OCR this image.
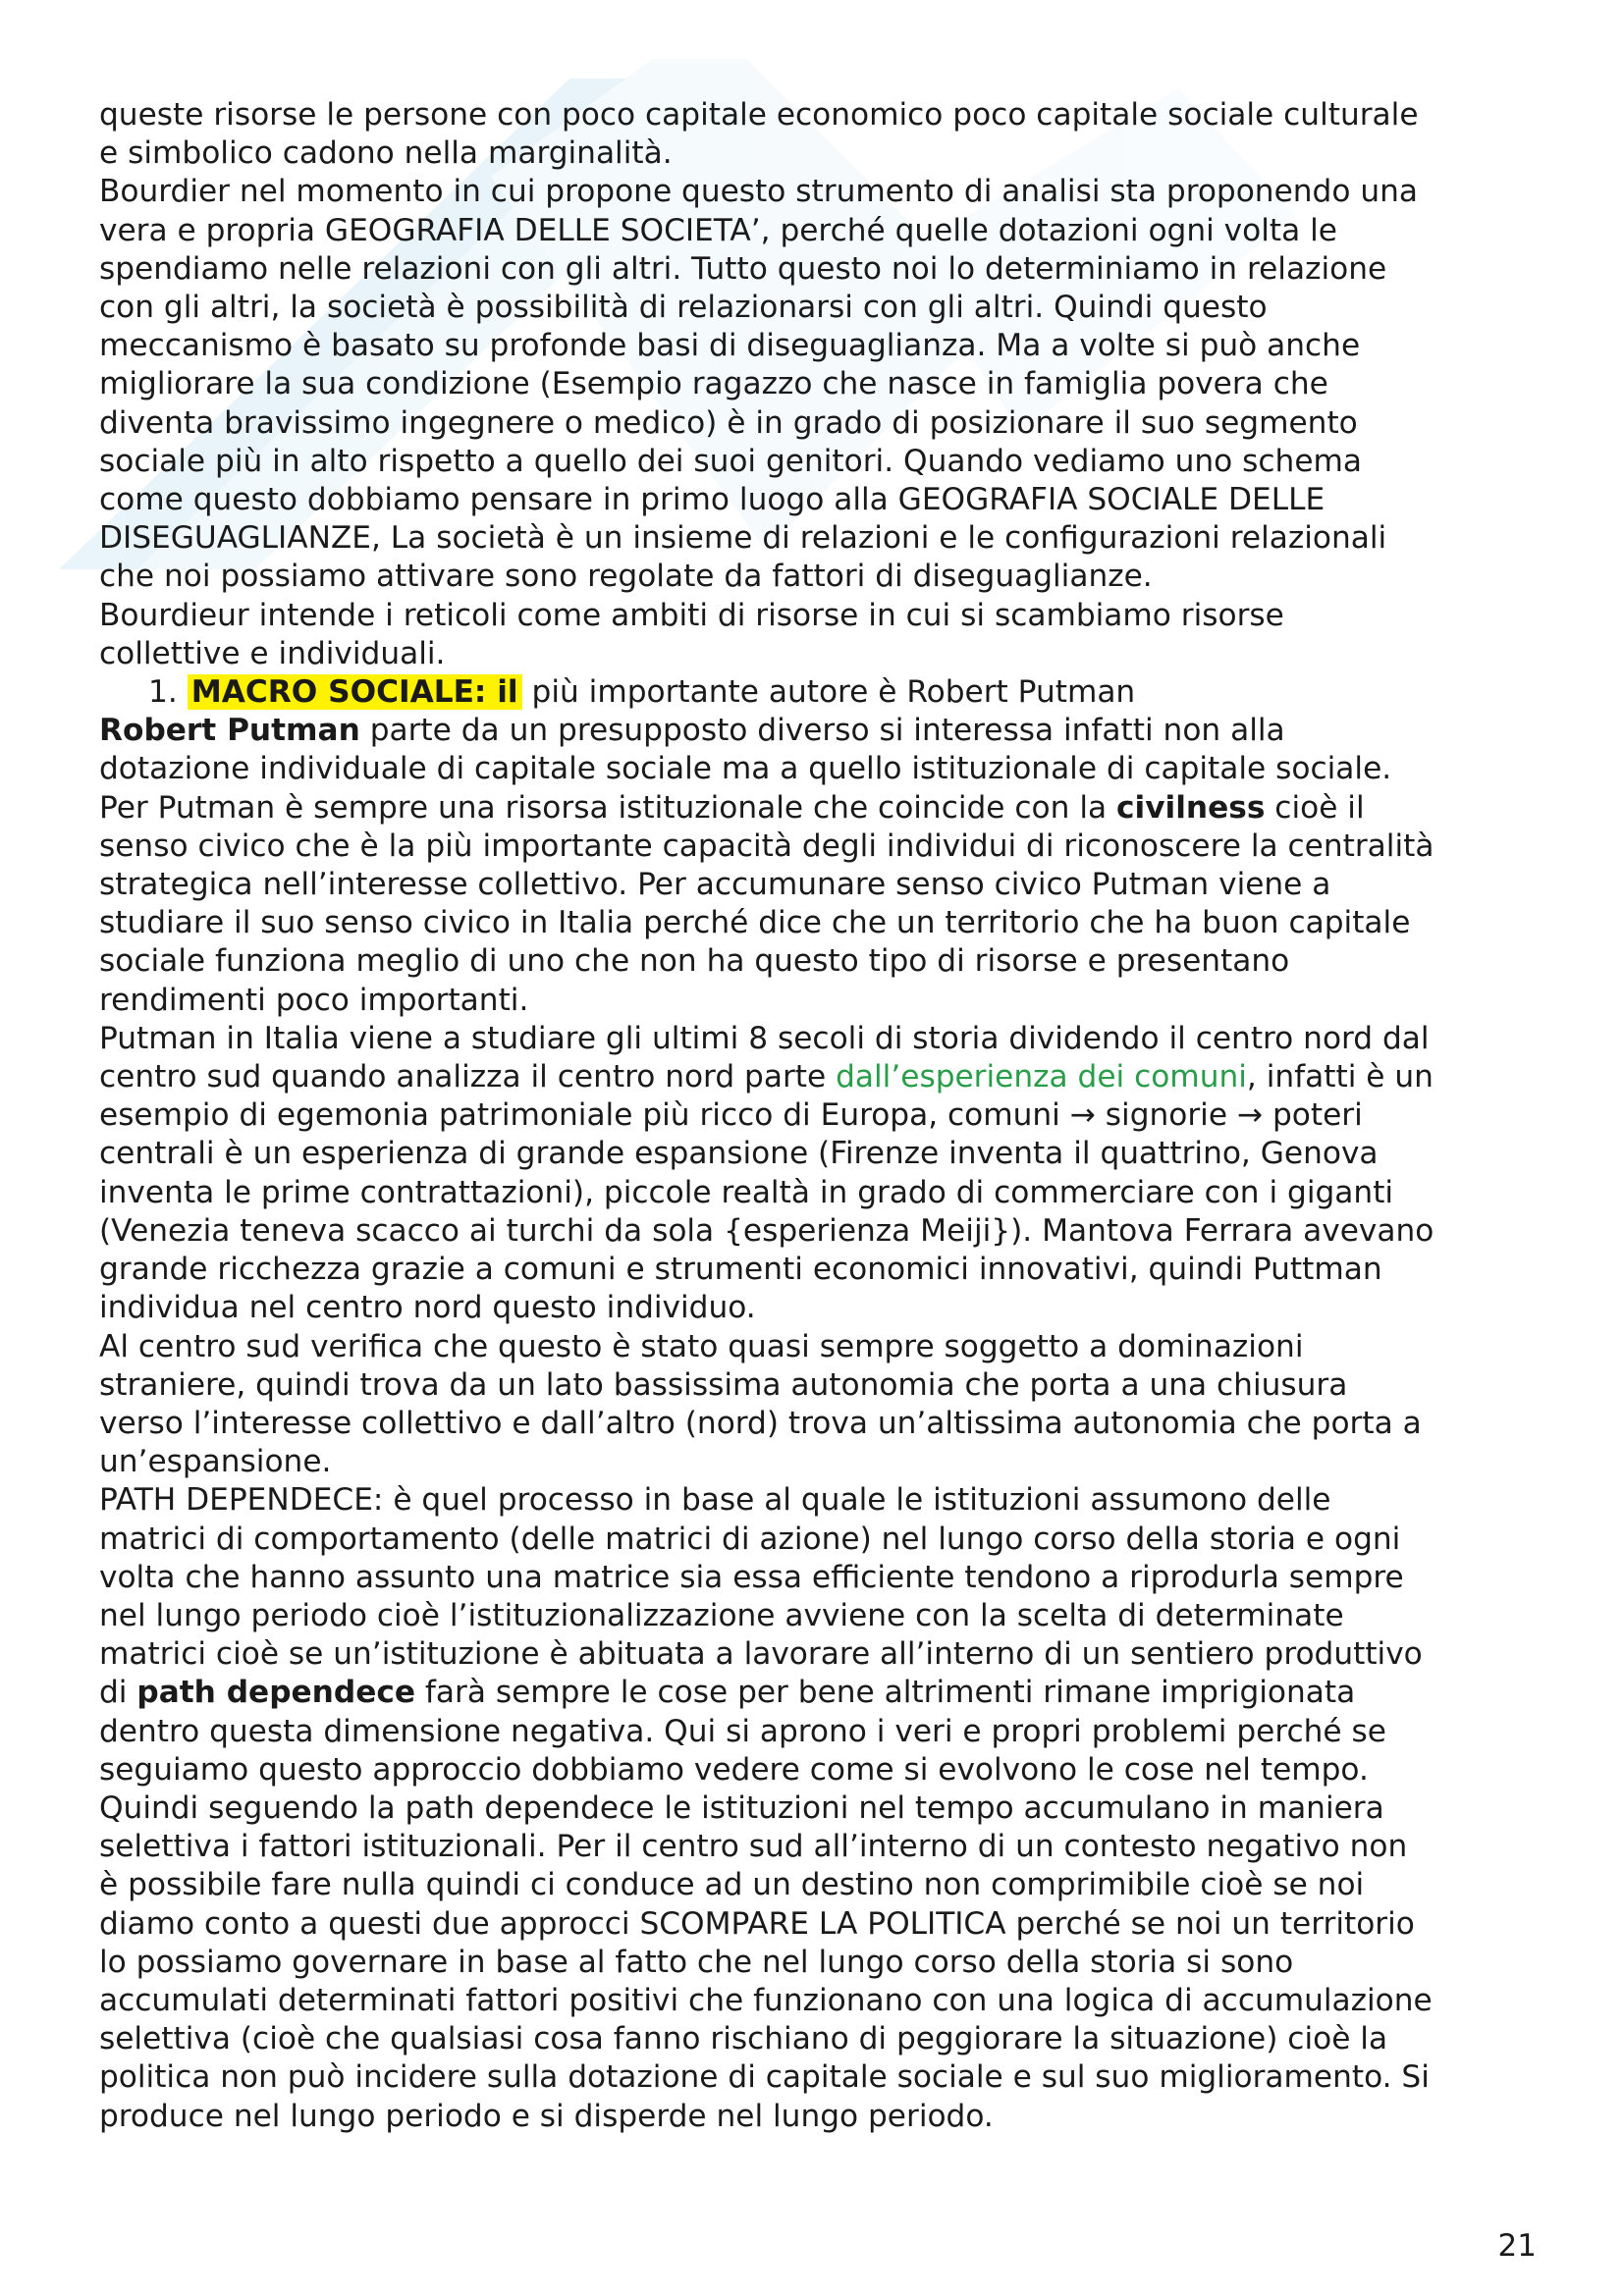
queste risorse le persone con poco capitale economico poco capitale sociale culturale
e simbolico cadono nella marginalità.
Bourdier nel momento in cui propone questo strumento di analisi sta proponendo una
vera e propria GEOGRAFIA DELLE SOCIETA’, perché quelle dotazioni ogni volta le
spendiamo nelle relazioni con gli altri. Tutto questo noi lo determiniamo in relazione
con gli altri, la società è possibilità di relazionarsi con gli altri. Quindi questo
meccanismo è basato su profonde basi di diseguaglianza. Ma a volte si può anche
migliorare la sua condizione (Esempio ragazzo che nasce in famiglia povera che
diventa bravissimo ingegnere o medico) è in grado di posizionare il suo segmento
sociale più in alto rispetto a quello dei suoi genitori. Quando vediamo uno schema
come questo dobbiamo pensare in primo luogo alla GEOGRAFIA SOCIALE DELLE
DISEGUAGLIANZE, La società è un insieme di relazioni e le configurazioni relazionali
che noi possiamo attivare sono regolate da fattori di diseguaglianze.
Bourdieur intende i reticoli come ambiti di risorse in cui si scambiamo risorse
collettive e individuali.
1. MACRO SOCIALE: il più importante autore è Robert Putman
Robert Putman parte da un presupposto diverso si interessa infatti non alla
dotazione individuale di capitale sociale ma a quello istituzionale di capitale sociale.
Per Putman è sempre una risorsa istituzionale che coincide con la civilness cioè il
senso civico che è la più importante capacità degli individui di riconoscere la centralità
strategica nell’interesse collettivo. Per accumunare senso civico Putman viene a
studiare il suo senso civico in Italia perché dice che un territorio che ha buon capitale
sociale funziona meglio di uno che non ha questo tipo di risorse e presentano
rendimenti poco importanti.
Putman in Italia viene a studiare gli ultimi 8 secoli di storia dividendo il centro nord dal
centro sud quando analizza il centro nord parte dall’esperienza dei comuni, infatti è un
esempio di egemonia patrimoniale più ricco di Europa, comuni → signorie → poteri
centrali è un esperienza di grande espansione (Firenze inventa il quattrino, Genova
inventa le prime contrattazioni), piccole realtà in grado di commerciare con i giganti
(Venezia teneva scacco ai turchi da sola {esperienza Meiji}). Mantova Ferrara avevano
grande ricchezza grazie a comuni e strumenti economici innovativi, quindi Puttman
individua nel centro nord questo individuo.
Al centro sud verifica che questo è stato quasi sempre soggetto a dominazioni
straniere, quindi trova da un lato bassissima autonomia che porta a una chiusura
verso l’interesse collettivo e dall’altro (nord) trova un’altissima autonomia che porta a
un’espansione.
PATH DEPENDECE: è quel processo in base al quale le istituzioni assumono delle
matrici di comportamento (delle matrici di azione) nel lungo corso della storia e ogni
volta che hanno assunto una matrice sia essa efficiente tendono a riprodurla sempre
nel lungo periodo cioè l’istituzionalizzazione avviene con la scelta di determinate
matrici cioè se un’istituzione è abituata a lavorare all’interno di un sentiero produttivo
di path dependece farà sempre le cose per bene altrimenti rimane imprigionata
dentro questa dimensione negativa. Qui si aprono i veri e propri problemi perché se
seguiamo questo approccio dobbiamo vedere come si evolvono le cose nel tempo.
Quindi seguendo la path dependece le istituzioni nel tempo accumulano in maniera
selettiva i fattori istituzionali. Per il centro sud all’interno di un contesto negativo non
è possibile fare nulla quindi ci conduce ad un destino non comprimibile cioè se noi
diamo conto a questi due approcci SCOMPARE LA POLITICA perché se noi un territorio
lo possiamo governare in base al fatto che nel lungo corso della storia si sono
accumulati determinati fattori positivi che funzionano con una logica di accumulazione
selettiva (cioè che qualsiasi cosa fanno rischiano di peggiorare la situazione) cioè la
politica non può incidere sulla dotazione di capitale sociale e sul suo miglioramento. Si
produce nel lungo periodo e si disperde nel lungo periodo.
21
